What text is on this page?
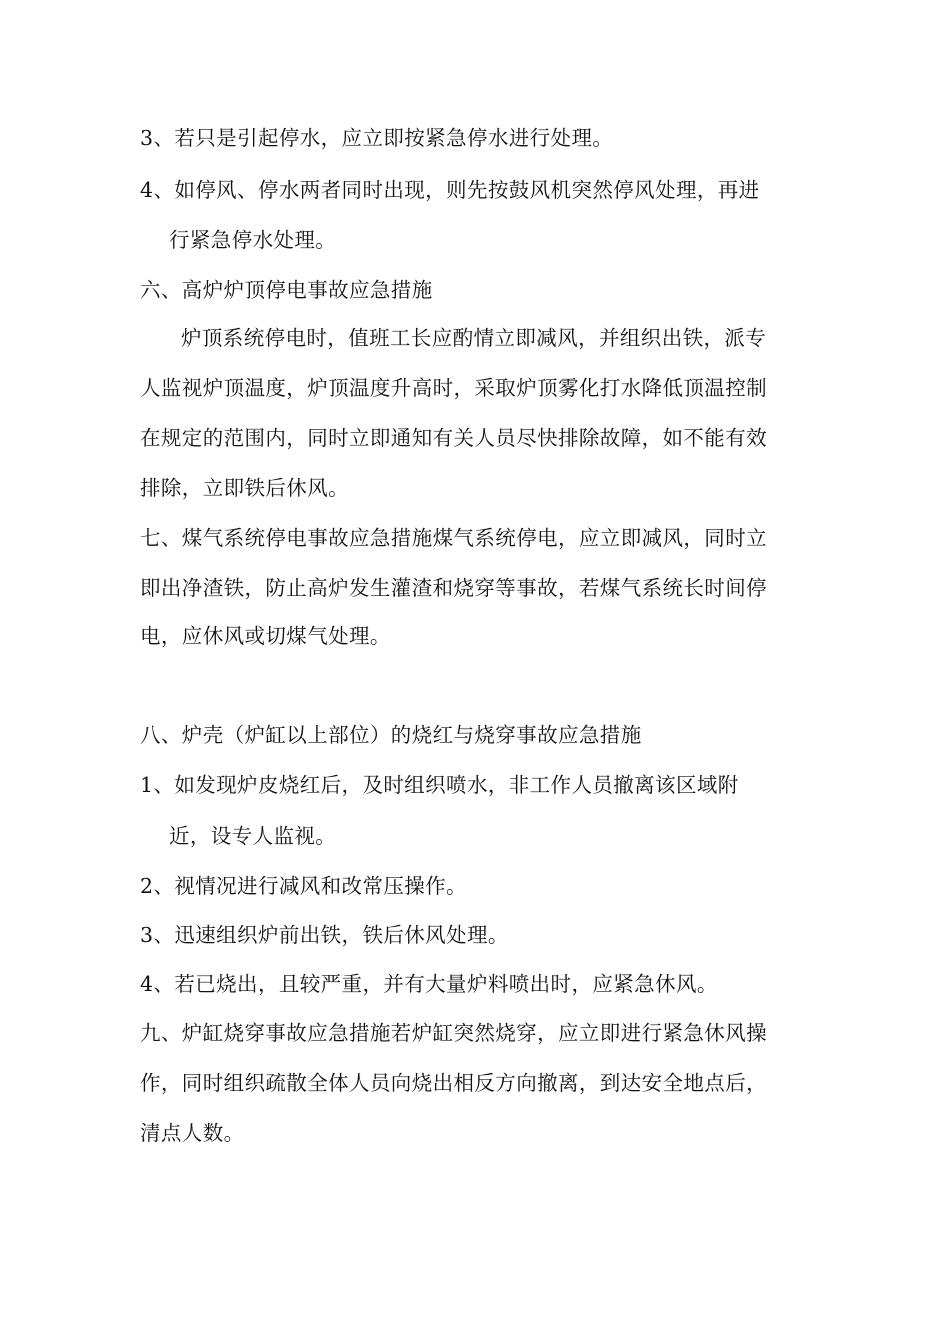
3、若只是引起停水，应立即按紧急停水进行处理。
4、如停风、停水两者同时出现，则先按鼓风机突然停风处理，再进
行紧急停水处理。
六、高炉炉顶停电事故应急措施
炉顶系统停电时，值班工长应酌情立即减风，并组织出铁，派专
人监视炉顶温度，炉顶温度升高时，采取炉顶雾化打水降低顶温控制
在规定的范围内，同时立即通知有关人员尽快排除故障，如不能有效
排除，立即铁后休风。
七、煤气系统停电事故应急措施煤气系统停电，应立即减风，同时立
即出净渣铁，防止高炉发生灌渣和烧穿等事故，若煤气系统长时间停
电，应休风或切煤气处理。
八、炉壳（炉缸以上部位）的烧红与烧穿事故应急措施
1、如发现炉皮烧红后，及时组织喷水，非工作人员撤离该区域附
近，设专人监视。
2、视情况进行减风和改常压操作。
3、迅速组织炉前出铁，铁后休风处理。
4、若已烧出，且较严重，并有大量炉料喷出时，应紧急休风。
九、炉缸烧穿事故应急措施若炉缸突然烧穿，应立即进行紧急休风操
作，同时组织疏散全体人员向烧出相反方向撤离，到达安全地点后，
清点人数。
